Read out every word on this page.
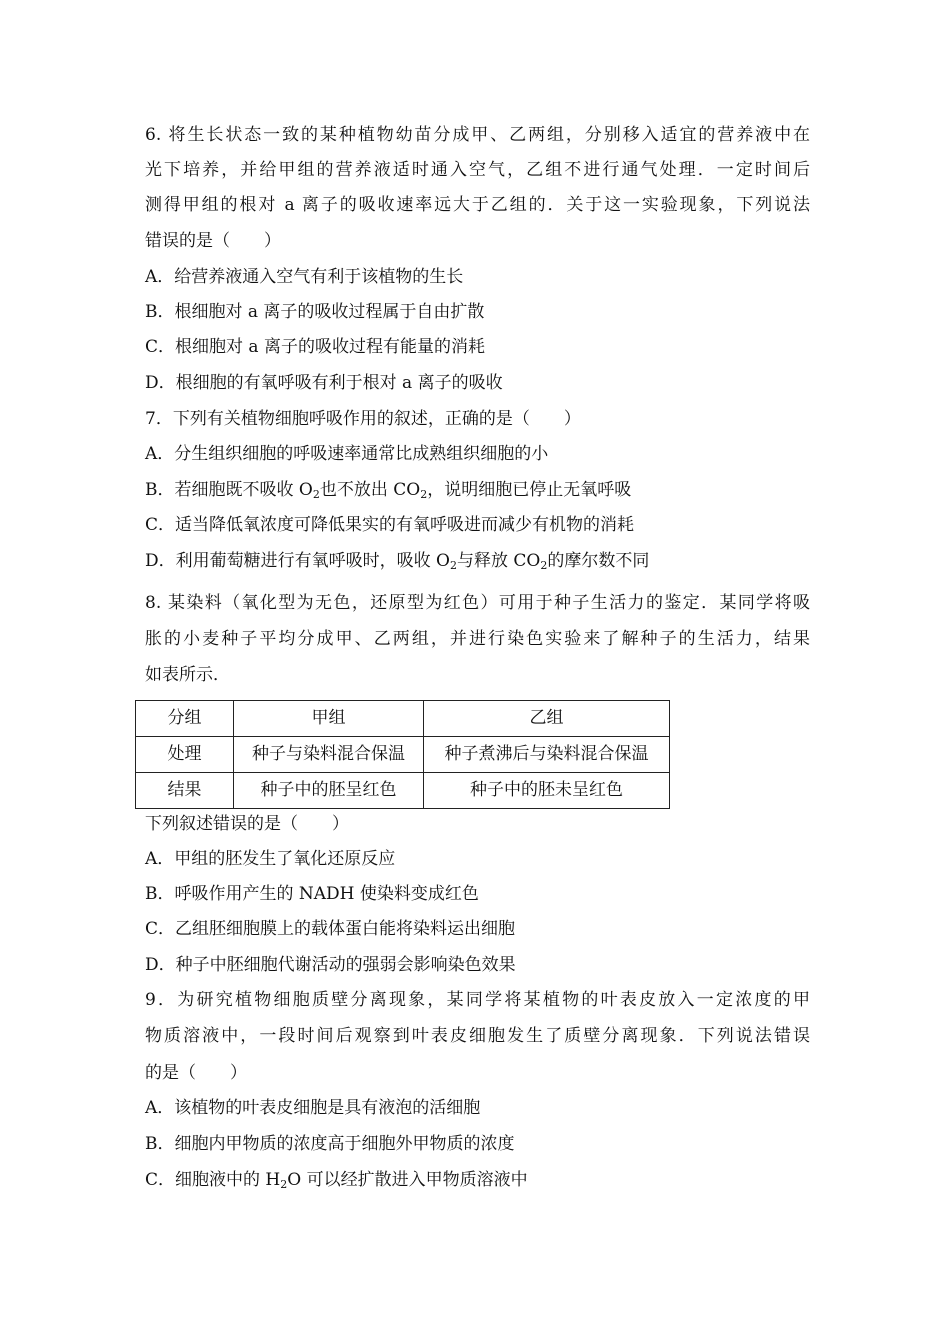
6. 将生长状态一致的某种植物幼苗分成甲、乙两组，分别移入适宜的营养液中在

光下培养，并给甲组的营养液适时通入空气，乙组不进行通气处理．一定时间后

测得甲组的根对 a 离子的吸收速率远大于乙组的．关于这一实验现象，下列说法

错误的是（　　）

A．给营养液通入空气有利于该植物的生长

B．根细胞对 a 离子的吸收过程属于自由扩散

C．根细胞对 a 离子的吸收过程有能量的消耗

D．根细胞的有氧呼吸有利于根对 a 离子的吸收

7．下列有关植物细胞呼吸作用的叙述，正确的是（　　）

A．分生组织细胞的呼吸速率通常比成熟组织细胞的小

B．若细胞既不吸收 $O_2$也不放出 $CO_2$，说明细胞已停止无氧呼吸

C．适当降低氧浓度可降低果实的有氧呼吸进而减少有机物的消耗

D．利用葡萄糖进行有氧呼吸时，吸收 $O_2$与释放 $CO_2$的摩尔数不同

8. 某染料（氧化型为无色，还原型为红色）可用于种子生活力的鉴定．某同学将吸

胀的小麦种子平均分成甲、乙两组，并进行染色实验来了解种子的生活力，结果

如表所示．

分组	甲组	乙组
处理	种子与染料混合保温	种子煮沸后与染料混合保温
结果	种子中的胚呈红色	种子中的胚未呈红色

下列叙述错误的是（　　）

A．甲组的胚发生了氧化还原反应

B．呼吸作用产生的 NADH 使染料变成红色

C．乙组胚细胞膜上的载体蛋白能将染料运出细胞

D．种子中胚细胞代谢活动的强弱会影响染色效果

9．为研究植物细胞质壁分离现象，某同学将某植物的叶表皮放入一定浓度的甲

物质溶液中，一段时间后观察到叶表皮细胞发生了质壁分离现象．下列说法错误

的是（　　）

A．该植物的叶表皮细胞是具有液泡的活细胞

B．细胞内甲物质的浓度高于细胞外甲物质的浓度

C．细胞液中的 $H_2O$ 可以经扩散进入甲物质溶液中
